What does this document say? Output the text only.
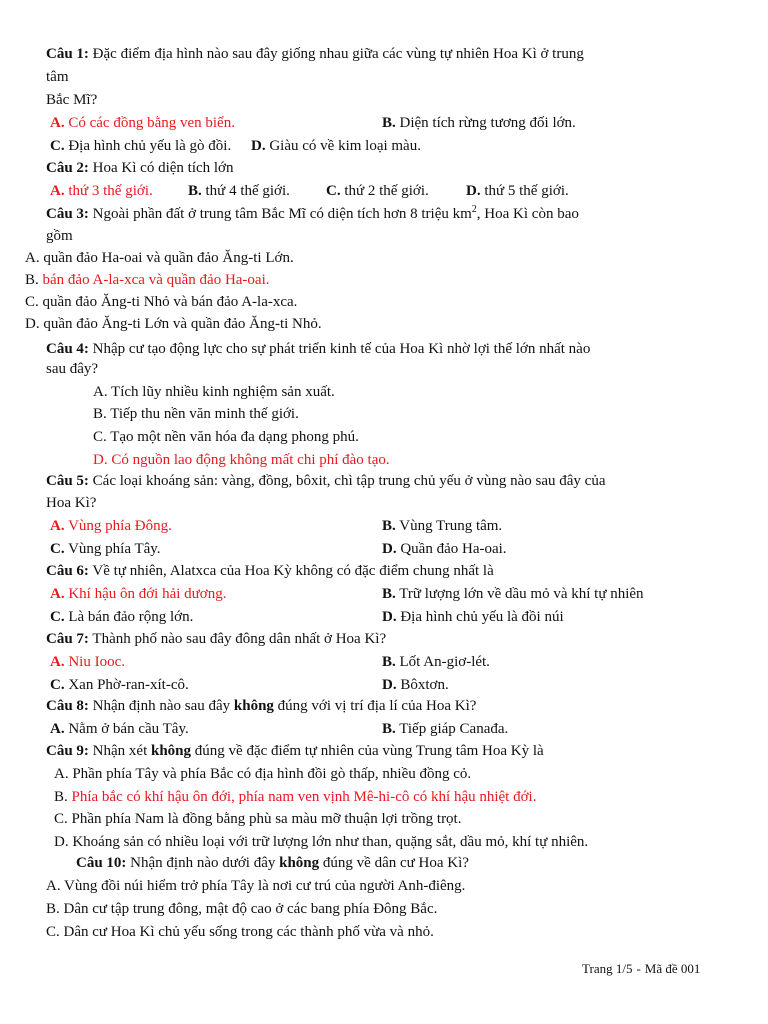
Câu 1: Đặc điểm địa hình nào sau đây giống nhau giữa các vùng tự nhiên Hoa Kì ở trung
tâm
Bắc Mĩ?
A. Có các đồng bằng ven biển.	B. Diện tích rừng tương đối lớn.
C. Địa hình chủ yếu là gò đồi. D. Giàu có về kim loại màu.
Câu 2: Hoa Kì có diện tích lớn
A. thứ 3 thế giới. B. thứ 4 thế giới. C. thứ 2 thế giới. D. thứ 5 thế giới.
Câu 3: Ngoài phần đất ở trung tâm Bắc Mĩ có diện tích hơn 8 triệu $km^2$, Hoa Kì còn bao
gồm
A. quần đảo Ha-oai và quần đảo Ăng-ti Lớn.
B. bán đảo A-la-xca và quần đảo Ha-oai.
C. quần đảo Ăng-ti Nhỏ và bán đảo A-la-xca.
D. quần đảo Ăng-ti Lớn và quần đảo Ăng-ti Nhỏ.
Câu 4: Nhập cư tạo động lực cho sự phát triển kinh tế của Hoa Kì nhờ lợi thế lớn nhất nào
sau đây?
A. Tích lũy nhiều kinh nghiệm sản xuất.
B. Tiếp thu nền văn minh thế giới.
C. Tạo một nền văn hóa đa dạng phong phú.
D. Có nguồn lao động không mất chi phí đào tạo.
Câu 5: Các loại khoáng sản: vàng, đồng, bôxit, chì tập trung chủ yếu ở vùng nào sau đây của
Hoa Kì?
A. Vùng phía Đông.	B. Vùng Trung tâm.
C. Vùng phía Tây.	D. Quần đảo Ha-oai.
Câu 6: Về tự nhiên, Alatxca của Hoa Kỳ không có đặc điểm chung nhất là
A. Khí hậu ôn đới hải dương.	B. Trữ lượng lớn về dầu mỏ và khí tự nhiên
C. Là bán đảo rộng lớn.	D. Địa hình chủ yếu là đồi núi
Câu 7: Thành phố nào sau đây đông dân nhất ở Hoa Kì?
A. Niu Iooc.	B. Lốt An-giơ-lét.
C. Xan Phờ-ran-xít-cô.	D. Bôxtơn.
Câu 8: Nhận định nào sau đây không đúng với vị trí địa lí của Hoa Kì?
A. Nằm ở bán cầu Tây.	B. Tiếp giáp Canađa.
Câu 9: Nhận xét không đúng về đặc điểm tự nhiên của vùng Trung tâm Hoa Kỳ là
A. Phần phía Tây và phía Bắc có địa hình đồi gò thấp, nhiều đồng cỏ.
B. Phía bắc có khí hậu ôn đới, phía nam ven vịnh Mê-hi-cô có khí hậu nhiệt đới.
C. Phần phía Nam là đồng bằng phù sa màu mỡ thuận lợi trồng trọt.
D. Khoáng sản có nhiều loại với trữ lượng lớn như than, quặng sắt, dầu mỏ, khí tự nhiên.
Câu 10: Nhận định nào dưới đây không đúng về dân cư Hoa Kì?
A. Vùng đồi núi hiểm trở phía Tây là nơi cư trú của người Anh-điêng.
B. Dân cư tập trung đông, mật độ cao ở các bang phía Đông Bắc.
C. Dân cư Hoa Kì chủ yếu sống trong các thành phố vừa và nhỏ.
Trang 1/5 - Mã đề 001
